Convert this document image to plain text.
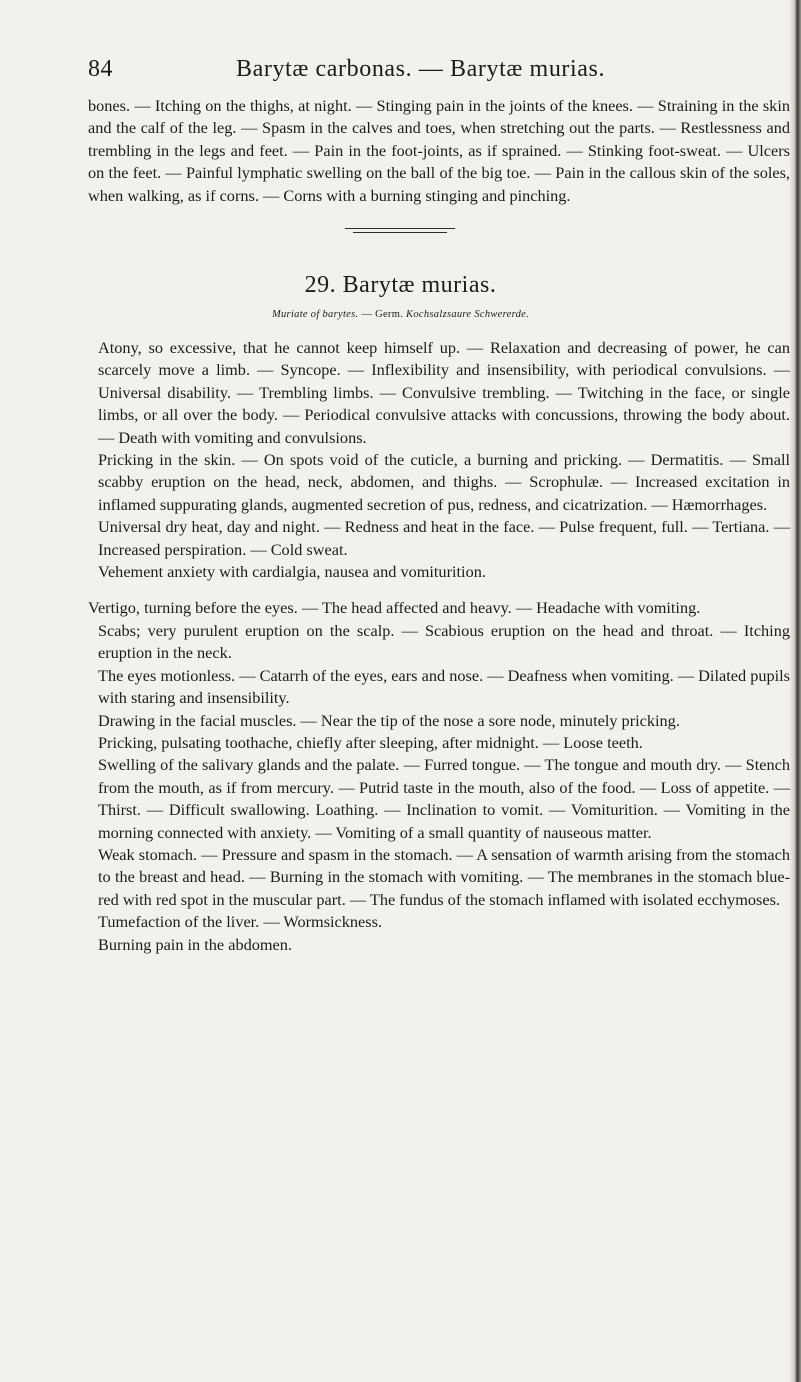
84	Barytæ carbonas. — Barytæ murias.

bones. — Itching on the thighs, at night. — Stinging pain in the joints of the knees. — Straining in the skin and the calf of the leg. — Spasm in the calves and toes, when stretching out the parts. — Restlessness and trembling in the legs and feet. — Pain in the foot-joints, as if sprained. — Stinking foot-sweat. — Ulcers on the feet. — Painful lymphatic swelling on the ball of the big toe. — Pain in the callous skin of the soles, when walking, as if corns. — Corns with a burning stinging and pinching.

29. Barytæ murias.
Muriate of barytes. — Germ. Kochsalzsaure Schwererde.

Atony, so excessive, that he cannot keep himself up. — Relaxation and decreasing of power, he can scarcely move a limb. — Syncope. — Inflexibility and insensibility, with periodical convulsions. — Universal disability. — Trembling limbs. — Convulsive trembling. — Twitching in the face, or single limbs, or all over the body. — Periodical convulsive attacks with concussions, throwing the body about. — Death with vomiting and convulsions.

Pricking in the skin. — On spots void of the cuticle, a burning and pricking. — Dermatitis. — Small scabby eruption on the head, neck, abdomen, and thighs. — Scrophulæ. — Increased excitation in inflamed suppurating glands, augmented secretion of pus, redness, and cicatrization. — Hæmorrhages.

Universal dry heat, day and night. — Redness and heat in the face. — Pulse frequent, full. — Tertiana. — Increased perspiration. — Cold sweat.

Vehement anxiety with cardialgia, nausea and vomiturition.

Vertigo, turning before the eyes. — The head affected and heavy. — Headache with vomiting.

Scabs; very purulent eruption on the scalp. — Scabious eruption on the head and throat. — Itching eruption in the neck.

The eyes motionless. — Catarrh of the eyes, ears and nose. — Deafness when vomiting. — Dilated pupils with staring and insensibility.

Drawing in the facial muscles. — Near the tip of the nose a sore node, minutely pricking.

Pricking, pulsating toothache, chiefly after sleeping, after midnight. — Loose teeth.

Swelling of the salivary glands and the palate. — Furred tongue. — The tongue and mouth dry. — Stench from the mouth, as if from mercury. — Putrid taste in the mouth, also of the food. — Loss of appetite. — Thirst. — Difficult swallowing. Loathing. — Inclination to vomit. — Vomiturition. — Vomiting in the morning connected with anxiety. — Vomiting of a small quantity of nauseous matter.

Weak stomach. — Pressure and spasm in the stomach. — A sensation of warmth arising from the stomach to the breast and head. — Burning in the stomach with vomiting. — The membranes in the stomach blue-red with red spot in the muscular part. — The fundus of the stomach inflamed with isolated ecchymoses.

Tumefaction of the liver. — Wormsickness.

Burning pain in the abdomen.
